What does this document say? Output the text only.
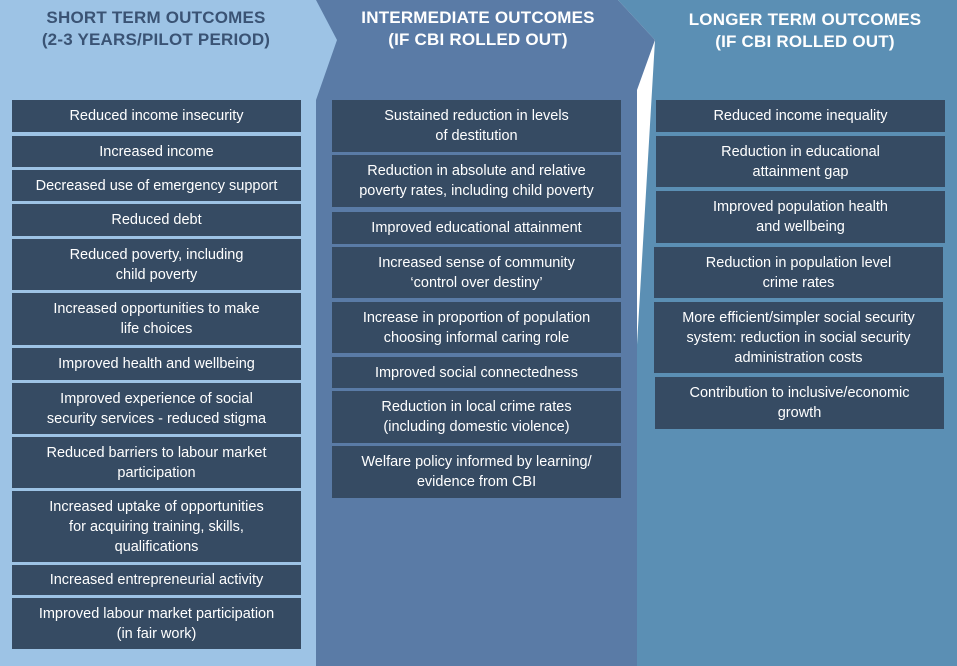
SHORT TERM OUTCOMES
(2-3 YEARS/PILOT PERIOD)
INTERMEDIATE OUTCOMES
(IF CBI ROLLED OUT)
LONGER TERM OUTCOMES
(IF CBI ROLLED OUT)
Reduced income insecurity
Increased income
Decreased use of emergency support
Reduced debt
Reduced poverty, including
child poverty
Increased opportunities to make
life choices
Improved health and wellbeing
Improved experience of social
security services - reduced stigma
Reduced barriers to labour market
participation
Increased uptake of opportunities
for acquiring training, skills,
qualifications
Increased entrepreneurial activity
Improved labour market participation
(in fair work)
Sustained reduction in levels
of destitution
Reduction in absolute and relative
poverty rates, including child poverty
Improved educational attainment
Increased sense of community
‘control over destiny’
Increase in proportion of population
choosing informal caring role
Improved social connectedness
Reduction in local crime rates
(including domestic violence)
Welfare policy informed by learning/
evidence from CBI
Reduced income inequality
Reduction in educational
attainment gap
Improved population health
and wellbeing
Reduction in population level
crime rates
More efficient/simpler social security
system: reduction in social security
administration costs
Contribution to inclusive/economic
growth
